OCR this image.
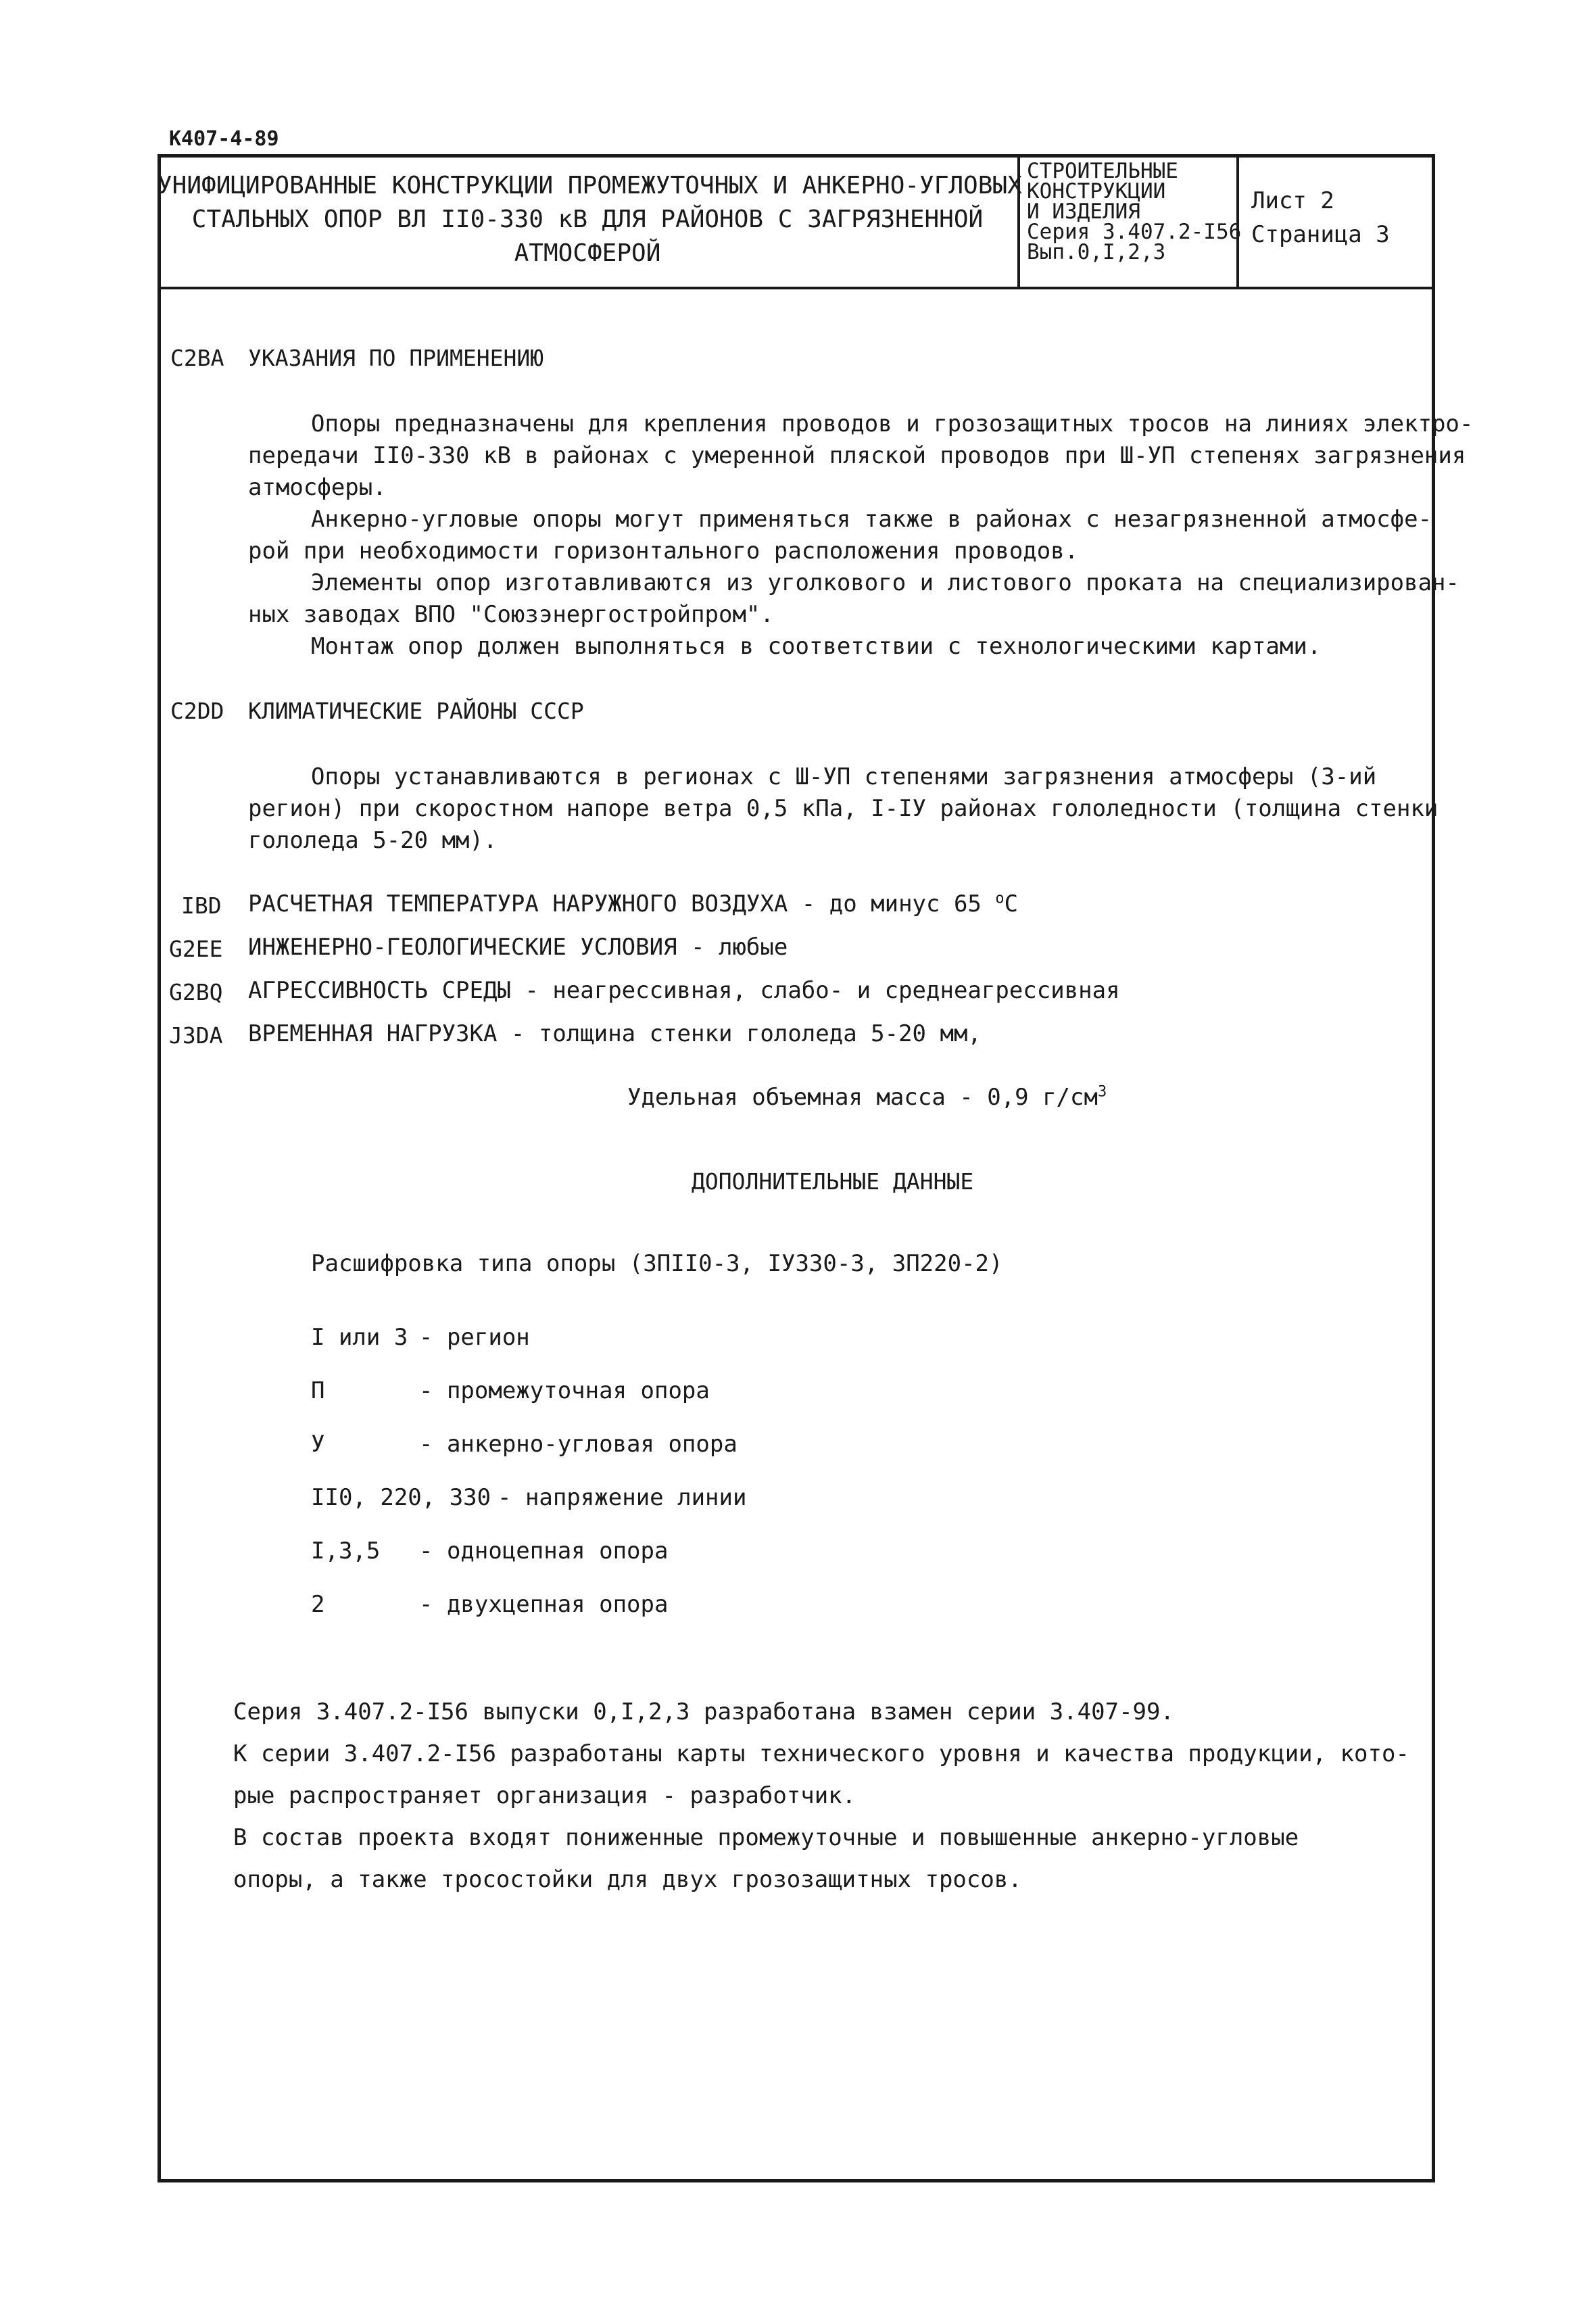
К407-4-89
УНИФИЦИРОВАННЫЕ КОНСТРУКЦИИ ПРОМЕЖУТОЧНЫХ И АНКЕРНО-УГЛОВЫХ
СТАЛЬНЫХ ОПОР ВЛ II0-330 кВ ДЛЯ РАЙОНОВ С ЗАГРЯЗНЕННОЙ
АТМОСФЕРОЙ
СТРОИТЕЛЬНЫЕ
КОНСТРУКЦИИ
И ИЗДЕЛИЯ
Серия 3.407.2-I56
Вып.0,I,2,3
Лист 2
Страница 3
C2BA УКАЗАНИЯ ПО ПРИМЕНЕНИЮ
Опоры предназначены для крепления проводов и грозозащитных тросов на линиях электро-
передачи II0-330 кВ в районах с умеренной пляской проводов при Ш-УП степенях загрязнения
атмосферы.
Анкерно-угловые опоры могут применяться также в районах с незагрязненной атмосфе-
рой при необходимости горизонтального расположения проводов.
Элементы опор изготавливаются из уголкового и листового проката на специализирован-
ных заводах ВПО "Союзэнергостройпром".
Монтаж опор должен выполняться в соответствии с технологическими картами.
C2DD КЛИМАТИЧЕСКИЕ РАЙОНЫ СССР
Опоры устанавливаются в регионах с Ш-УП степенями загрязнения атмосферы (3-ий
регион) при скоростном напоре ветра 0,5 кПа, I-IУ районах гололедности (толщина стенки
гололеда 5-20 мм).
IBD РАСЧЕТНАЯ ТЕМПЕРАТУРА НАРУЖНОГО ВОЗДУХА - до минус 65 $^о$С
G2EE ИНЖЕНЕРНО-ГЕОЛОГИЧЕСКИЕ УСЛОВИЯ - любые
G2BQ АГРЕССИВНОСТЬ СРЕДЫ - неагрессивная, слабо- и среднеагрессивная
J3DA ВРЕМЕННАЯ НАГРУЗКА - толщина стенки гололеда 5-20 мм,
Удельная объемная масса - 0,9 $г/см^3$
ДОПОЛНИТЕЛЬНЫЕ ДАННЫЕ
Расшифровка типа опоры (3ПII0-3, IУ330-3, 3П220-2)
I или 3 - регион
П	- промежуточная опора
У	- анкерно-угловая опора
II0, 220, 330 - напряжение линии
I,3,5 - одноцепная опора
2	- двухцепная опора
Серия 3.407.2-I56 выпуски 0,I,2,3 разработана взамен серии 3.407-99.
К серии 3.407.2-I56 разработаны карты технического уровня и качества продукции, кото-
рые распространяет организация - разработчик.
В состав проекта входят пониженные промежуточные и повышенные анкерно-угловые
опоры, а также тросостойки для двух грозозащитных тросов.
